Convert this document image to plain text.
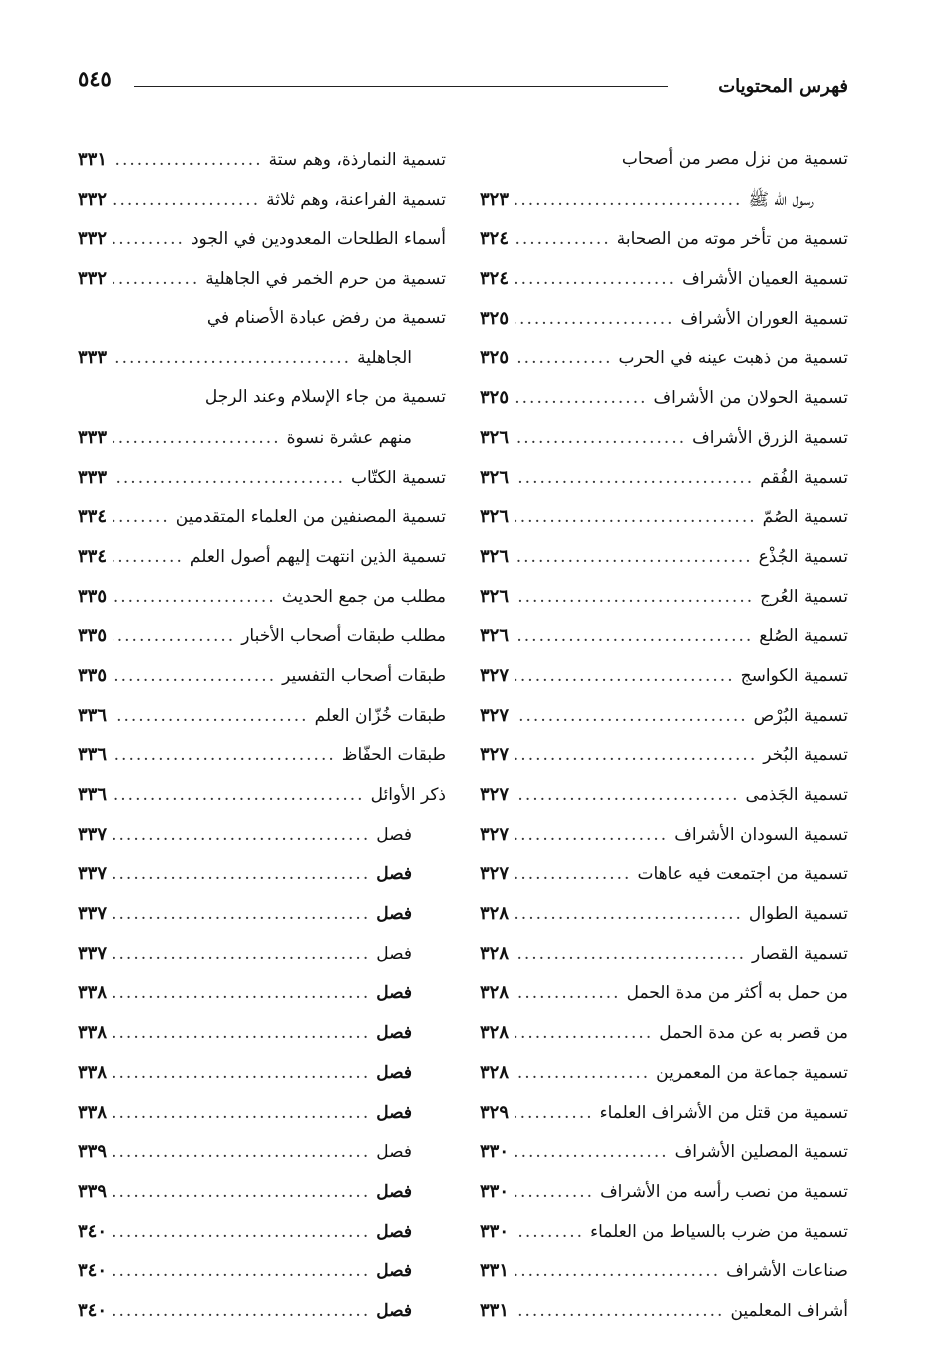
٥٤٥	فهرس المحتويات
تسمية من نزل مصر من أصحاب
رسول الله ﷺ
.....
٣٢٣
تسمية من تأخر موته من الصحابة
.....
٣٢٤
تسمية العميان الأشراف
.....
٣٢٤
تسمية العوران الأشراف
.....
٣٢٥
تسمية من ذهبت عينه في الحرب
.....
٣٢٥
تسمية الحولان من الأشراف
.....
٣٢٥
تسمية الزرق الأشراف
.....
٣٢٦
تسمية الفُقم
.....
٣٢٦
تسمية الصُمّ
.....
٣٢٦
تسمية الجُذْع
.....
٣٢٦
تسمية العُرج
.....
٣٢٦
تسمية الصُلع
.....
٣٢٦
تسمية الكواسج
.....
٣٢٧
تسمية البُرْص
.....
٣٢٧
تسمية البُخر
.....
٣٢٧
تسمية الجَذمى
.....
٣٢٧
تسمية السودان الأشراف
.....
٣٢٧
تسمية من اجتمعت فيه عاهات
.....
٣٢٧
تسمية الطوال
.....
٣٢٨
تسمية القصار
.....
٣٢٨
من حمل به أكثر من مدة الحمل
.....
٣٢٨
من قصر به عن مدة الحمل
.....
٣٢٨
تسمية جماعة من المعمرين
.....
٣٢٨
تسمية من قتل من الأشراف العلماء
.....
٣٢٩
تسمية المصلين الأشراف
.....
٣٣٠
تسمية من نصب رأسه من الأشراف
.....
٣٣٠
تسمية من ضرب بالسياط من العلماء
.....
٣٣٠
صناعات الأشراف
.....
٣٣١
أشراف المعلمين
.....
٣٣١
تسمية النمارذة، وهم ستة
.....
٣٣١
تسمية الفراعنة، وهم ثلاثة
.....
٣٣٢
أسماء الطلحات المعدودين في الجود
.....
٣٣٢
تسمية من حرم الخمر في الجاهلية
.....
٣٣٢
تسمية من رفض عبادة الأصنام في
الجاهلية
.....
٣٣٣
تسمية من جاء الإسلام وعند الرجل
منهم عشرة نسوة
.....
٣٣٣
تسمية الكتّاب
.....
٣٣٣
تسمية المصنفين من العلماء المتقدمين
.....
٣٣٤
تسمية الذين انتهت إليهم أصول العلم
.....
٣٣٤
مطلب من جمع الحديث
.....
٣٣٥
مطلب طبقات أصحاب الأخبار
.....
٣٣٥
طبقات أصحاب التفسير
.....
٣٣٥
طبقات خُزّان العلم
.....
٣٣٦
طبقات الحفّاظ
.....
٣٣٦
ذكر الأوائل
.....
٣٣٦
فصل
.....
٣٣٧
فصل
.....
٣٣٧
فصل
.....
٣٣٧
فصل
.....
٣٣٧
فصل
.....
٣٣٨
فصل
.....
٣٣٨
فصل
.....
٣٣٨
فصل
.....
٣٣٨
فصل
.....
٣٣٩
فصل
.....
٣٣٩
فصل
.....
٣٤٠
فصل
.....
٣٤٠
فصل
.....
٣٤٠
